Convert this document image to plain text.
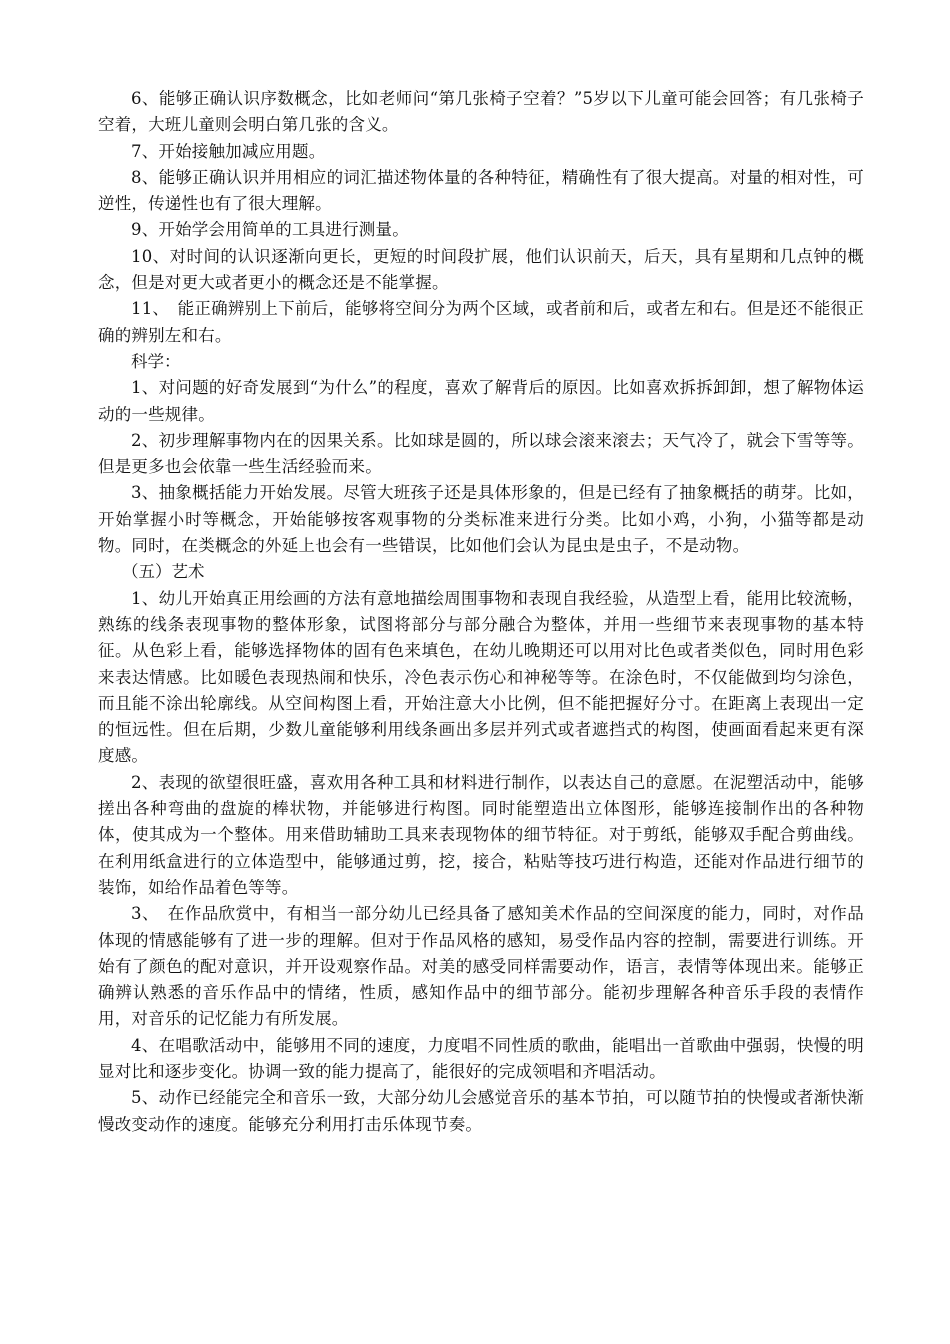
6、能够正确认识序数概念，比如老师问“第几张椅子空着？”5岁以下儿童可能会回答；有几张椅子空着，大班儿童则会明白第几张的含义。

7、开始接触加减应用题。

8、能够正确认识并用相应的词汇描述物体量的各种特征，精确性有了很大提高。对量的相对性，可逆性，传递性也有了很大理解。

9、开始学会用简单的工具进行测量。

10、对时间的认识逐渐向更长，更短的时间段扩展，他们认识前天，后天，具有星期和几点钟的概念，但是对更大或者更小的概念还是不能掌握。

11、　能正确辨别上下前后，能够将空间分为两个区域，或者前和后，或者左和右。但是还不能很正确的辨别左和右。

科学：

1、对问题的好奇发展到“为什么”的程度，喜欢了解背后的原因。比如喜欢拆拆卸卸，想了解物体运动的一些规律。

2、初步理解事物内在的因果关系。比如球是圆的，所以球会滚来滚去；天气冷了，就会下雪等等。但是更多也会依靠一些生活经验而来。

3、抽象概括能力开始发展。尽管大班孩子还是具体形象的，但是已经有了抽象概括的萌芽。比如，开始掌握小时等概念，开始能够按客观事物的分类标准来进行分类。比如小鸡，小狗，小猫等都是动物。同时，在类概念的外延上也会有一些错误，比如他们会认为昆虫是虫子，不是动物。

（五）艺术

1、幼儿开始真正用绘画的方法有意地描绘周围事物和表现自我经验，从造型上看，能用比较流畅，熟练的线条表现事物的整体形象，试图将部分与部分融合为整体，并用一些细节来表现事物的基本特征。从色彩上看，能够选择物体的固有色来填色，在幼儿晚期还可以用对比色或者类似色，同时用色彩来表达情感。比如暖色表现热闹和快乐，冷色表示伤心和神秘等等。在涂色时，不仅能做到均匀涂色，而且能不涂出轮廓线。从空间构图上看，开始注意大小比例，但不能把握好分寸。在距离上表现出一定的恒远性。但在后期，少数儿童能够利用线条画出多层并列式或者遮挡式的构图，使画面看起来更有深度感。

2、表现的欲望很旺盛，喜欢用各种工具和材料进行制作，以表达自己的意愿。在泥塑活动中，能够搓出各种弯曲的盘旋的棒状物，并能够进行构图。同时能塑造出立体图形，能够连接制作出的各种物体，使其成为一个整体。用来借助辅助工具来表现物体的细节特征。对于剪纸，能够双手配合剪曲线。在利用纸盒进行的立体造型中，能够通过剪，挖，接合，粘贴等技巧进行构造，还能对作品进行细节的装饰，如给作品着色等等。

3、　在作品欣赏中，有相当一部分幼儿已经具备了感知美术作品的空间深度的能力，同时，对作品体现的情感能够有了进一步的理解。但对于作品风格的感知，易受作品内容的控制，需要进行训练。开始有了颜色的配对意识，并开设观察作品。对美的感受同样需要动作，语言，表情等体现出来。能够正确辨认熟悉的音乐作品中的情绪，性质，感知作品中的细节部分。能初步理解各种音乐手段的表情作用，对音乐的记忆能力有所发展。

4、在唱歌活动中，能够用不同的速度，力度唱不同性质的歌曲，能唱出一首歌曲中强弱，快慢的明显对比和逐步变化。协调一致的能力提高了，能很好的完成领唱和齐唱活动。

5、动作已经能完全和音乐一致，大部分幼儿会感觉音乐的基本节拍，可以随节拍的快慢或者渐快渐慢改变动作的速度。能够充分利用打击乐体现节奏。
